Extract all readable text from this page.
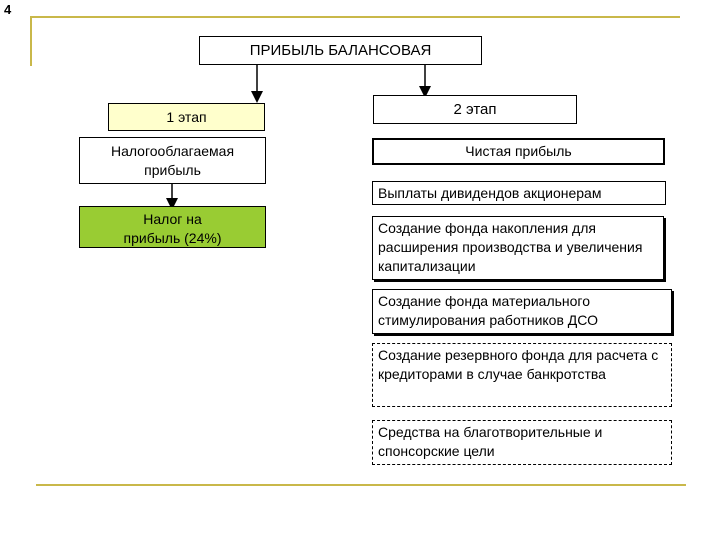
4
ПРИБЫЛЬ БАЛАНСОВАЯ
1 этап
Налогооблагаемая прибыль
Налог на прибыль (24%)
2 этап
Чистая прибыль
Выплаты дивидендов акционерам
Создание фонда накопления для расширения производства и увеличения капитализации
Создание фонда материального стимулирования работников ДСО
Создание резервного фонда для расчета с кредиторами в случае банкротства
Средства на благотворительные и спонсорские цели
